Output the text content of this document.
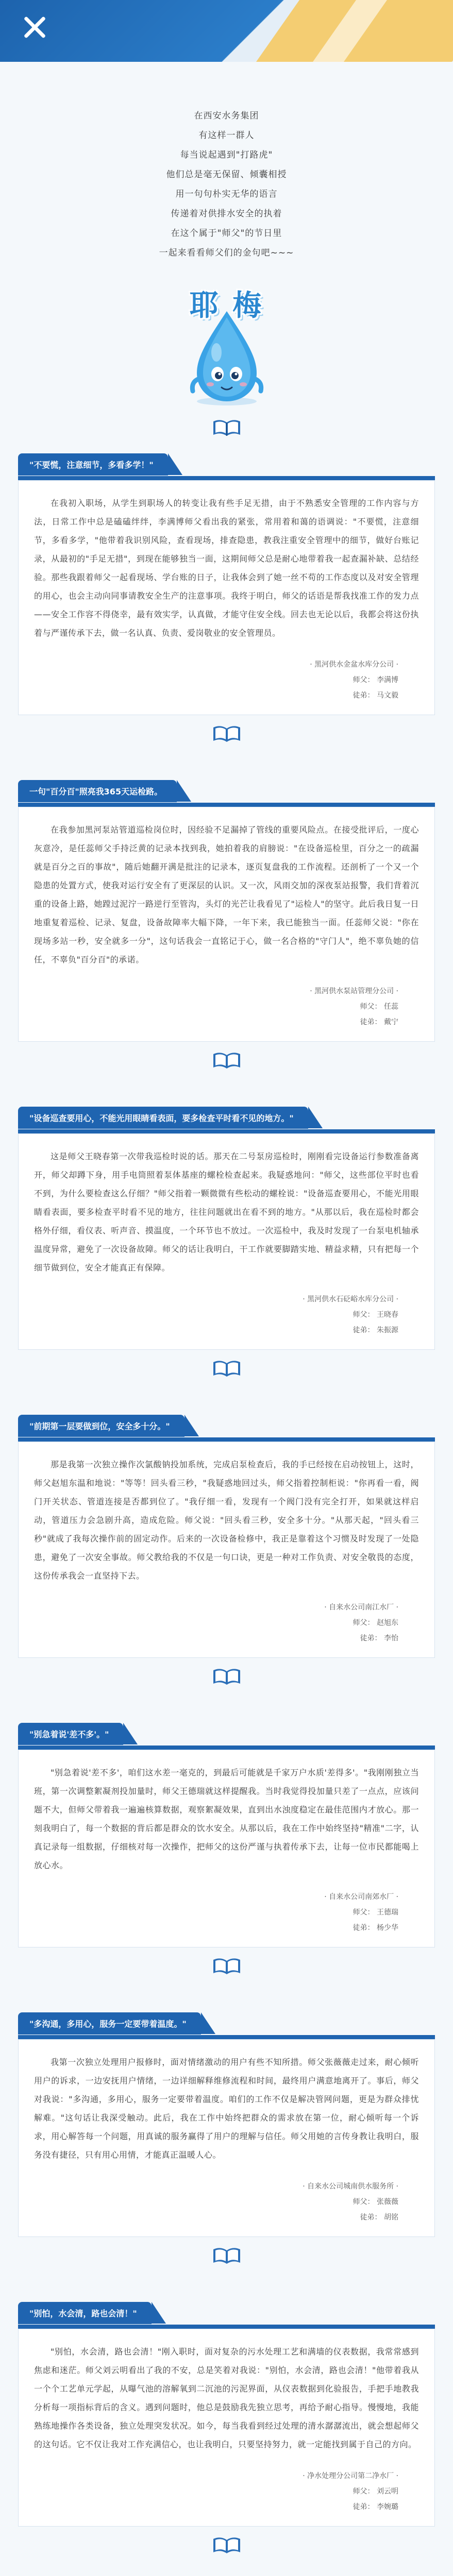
在西安水务集团

有这样一群人

每当说起遇到"打路虎"

他们总是毫无保留、倾囊相授

用一句句朴实无华的语言

传递着对供排水安全的执着

在这个属于"师父"的节日里

一起来看看师父们的金句吧~~~

耶 梅
"不要慌，注意细节，多看多学！"

在我初入职场，从学生到职场人的转变让我有些手足无措，由于不熟悉安全管理的工作内容与方法，日常工作中总是磕磕绊绊，李满博师父看出我的紧张，常用着和蔼的语调说："不要慌，注意细节，多看多学，"他带着我识别风险，查看现场，排查隐患，教我注重安全管理中的细节，做好台账记录，从最初的"手足无措"，到现在能够独当一面，这期间师父总是耐心地带着我一起查漏补缺、总结经验。那些我跟着师父一起看现场、学台账的日子，让我体会到了她一丝不苟的工作态度以及对安全管理的用心，也会主动向同事请教安全生产的注意事项。我终于明白，师父的话语是帮我找准工作的发力点——安全工作容不得侥幸，最有效实学，认真做，才能守住安全线。回去也无论以后，我都会将这份执着与严谨传承下去，做一名认真、负责、爱岗敬业的安全管理员。

· 黑河供水金盆水库分公司 ·
师父： 李满博
徒弟： 马文毅
一句"百分百"照亮我365天运检路。

在我参加黑河泵站管道巡检岗位时，因经验不足漏掉了管线的重要风险点。在接受批评后，一度心灰意冷，是任蕊师父手持泛黄的记录本找到我，她拍着我的肩膀说："在设备巡检里，百分之一的疏漏就是百分之百的事故"，随后她翻开满是批注的记录本，逐页复盘我的工作流程。还剖析了一个又一个隐患的处置方式，使我对运行安全有了更深层的认识。又一次，风雨交加的深夜泵站报警，我们背着沉重的设备上路，她蹚过泥泞一路逆行至管沟，头灯的光芒让我看见了"运检人"的坚守。此后我日复一日地重复着巡检、记录、复盘，设备故障率大幅下降，一年下来，我已能独当一面。任蕊师父说："你在现场多站一秒，安全就多一分"，这句话我会一直铭记于心，做一名合格的"守门人"，绝不辜负她的信任，不辜负"百分百"的承诺。

· 黑河供水泵站管理分公司 ·
师父： 任蕊
徒弟： 戴宁
"设备巡查要用心，不能光用眼睛看表面，要多检查平时看不见的地方。"

这是师父王晓春第一次带我巡检时说的话。那天在二号泵房巡检时，刚刚看完设备运行参数准备离开，师父却蹲下身，用手电筒照着泵体基座的螺栓检查起来。我疑惑地问："师父，这些部位平时也看不到，为什么要检查这么仔细？"师父指着一颗微微有些松动的螺栓说："设备巡查要用心，不能光用眼睛看表面，要多检查平时看不见的地方，往往问题就出在看不到的地方。"从那以后，我在巡检时都会格外仔细，看仪表、听声音、摸温度，一个环节也不放过。一次巡检中，我及时发现了一台泵电机轴承温度异常，避免了一次设备故障。师父的话让我明白，干工作就要脚踏实地、精益求精，只有把每一个细节做到位，安全才能真正有保障。

· 黑河供水石砭峪水库分公司 ·
师父： 王晓春
徒弟： 朱振源
"前期第一层要做到位，安全多十分。"

那是我第一次独立操作次氯酸钠投加系统，完成启泵检查后，我的手已经按在启动按钮上，这时，师父赵旭东温和地说："等等！回头看三秒，"我疑惑地回过头，师父指着控制柜说："你再看一看，阀门开关状态、管道连接是否都到位了。"我仔细一看，发现有一个阀门没有完全打开，如果就这样启动，管道压力会急剧升高，造成危险。师父说："回头看三秒，安全多十分。"从那天起，"回头看三秒"就成了我每次操作前的固定动作。后来的一次设备检修中，我正是靠着这个习惯及时发现了一处隐患，避免了一次安全事故。师父教给我的不仅是一句口诀，更是一种对工作负责、对安全敬畏的态度，这份传承我会一直坚持下去。

· 自来水公司南江水厂 ·
师父： 赵旭东
徒弟： 李怡
"别急着说'差不多'。"

"别急着说'差不多'，咱们这水差一毫克的，到最后可能就是千家万户水质'差得多'。"我刚刚独立当班，第一次调整絮凝剂投加量时，师父王德瑞就这样提醒我。当时我觉得投加量只差了一点点，应该问题不大，但师父带着我一遍遍核算数据，观察絮凝效果，直到出水浊度稳定在最佳范围内才放心。那一刻我明白了，每一个数据的背后都是群众的饮水安全。从那以后，我在工作中始终坚持"精准"二字，认真记录每一组数据，仔细核对每一次操作，把师父的这份严谨与执着传承下去，让每一位市民都能喝上放心水。

· 自来水公司南郊水厂 ·
师父： 王德瑞
徒弟： 杨少华
"多沟通，多用心，服务一定要带着温度。"

我第一次独立处理用户报修时，面对情绪激动的用户有些不知所措。师父张薇薇走过来，耐心倾听用户的诉求，一边安抚用户情绪，一边详细解释维修流程和时间，最终用户满意地离开了。事后，师父对我说："多沟通，多用心，服务一定要带着温度。咱们的工作不仅是解决管网问题，更是为群众排忧解难。"这句话让我深受触动。此后，我在工作中始终把群众的需求放在第一位，耐心倾听每一个诉求，用心解答每一个问题，用真诚的服务赢得了用户的理解与信任。师父用她的言传身教让我明白，服务没有捷径，只有用心用情，才能真正温暖人心。

· 自来水公司城南供水服务所 ·
师父： 张薇薇
徒弟： 胡铭
"别怕，水会清，路也会清！"

"别怕，水会清，路也会清！"刚入职时，面对复杂的污水处理工艺和满墙的仪表数据，我常常感到焦虑和迷茫。师父刘云明看出了我的不安，总是笑着对我说："别怕，水会清，路也会清！"他带着我从一个个工艺单元学起，从曝气池的溶解氧到二沉池的污泥界面，从仪表数据到化验报告，手把手地教我分析每一项指标背后的含义。遇到问题时，他总是鼓励我先独立思考，再给予耐心指导。慢慢地，我能熟练地操作各类设备，独立处理突发状况。如今，每当我看到经过处理的清水潺潺流出，就会想起师父的这句话。它不仅让我对工作充满信心，也让我明白，只要坚持努力，就一定能找到属于自己的方向。

· 净水处理分公司第二净水厂 ·
师父： 刘云明
徒弟： 李婉璐
